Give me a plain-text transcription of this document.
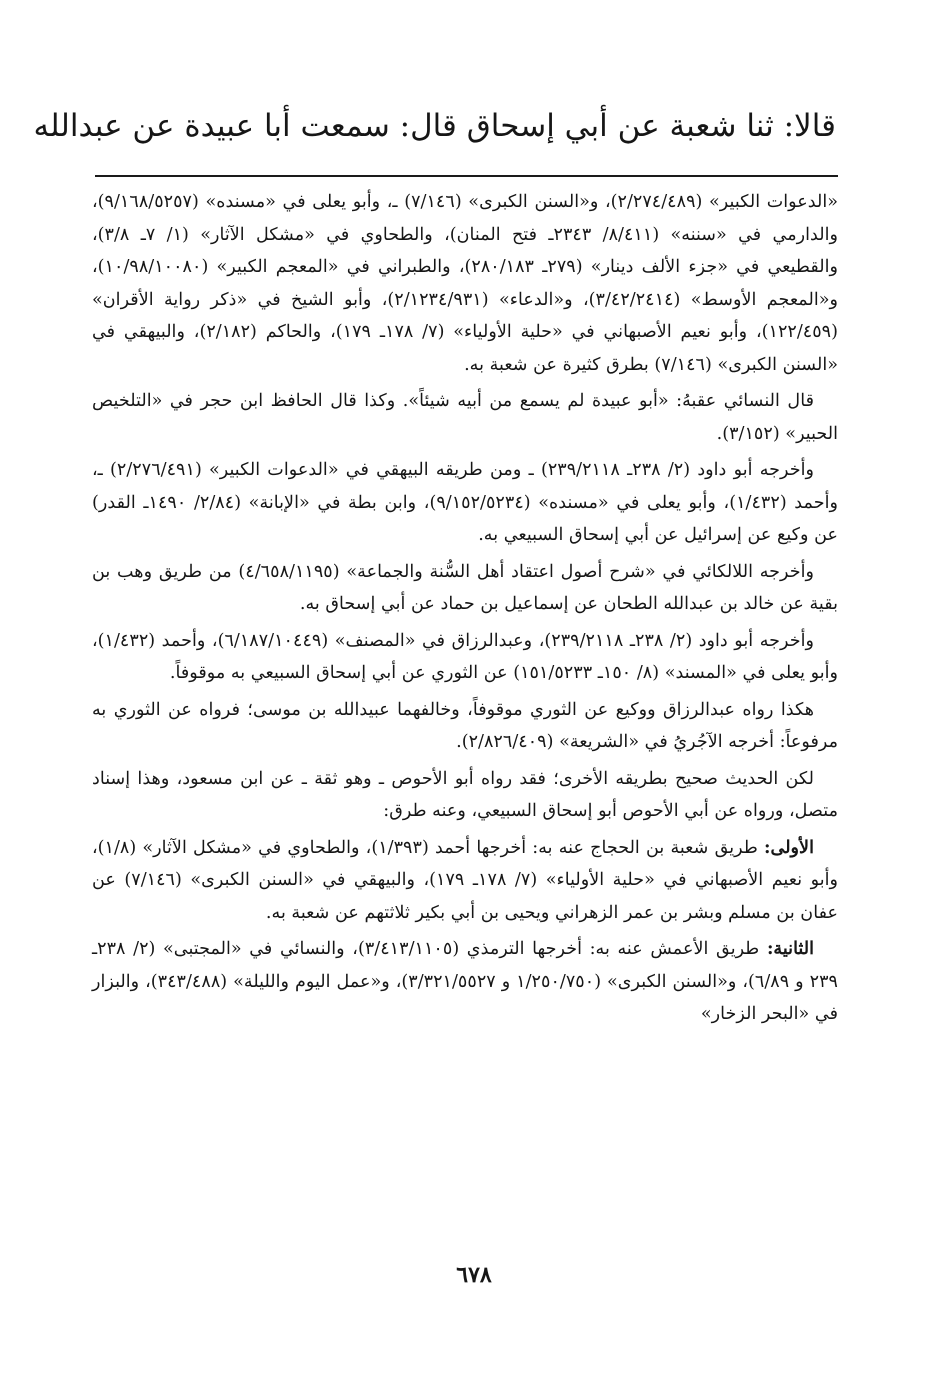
قالا: ثنا شعبة عن أبي إسحاق قال: سمعت أبا عبيدة عن عبدالله

«الدعوات الكبير» (٢/٢٧٤/٤٨٩)، و«السنن الكبرى» (٧/١٤٦) ـ، وأبو يعلى في «مسنده» (٩/١٦٨/٥٢٥٧)، والدارمي في «سننه» (٨/٤١١/ ٢٣٤٣ـ فتح المنان)، والطحاوي في «مشكل الآثار» (١/ ٧ـ ٣/٨)، والقطيعي في «جزء الألف دينار» (٢٧٩ـ ٢٨٠/١٨٣)، والطبراني في «المعجم الكبير» (١٠/٩٨/١٠٠٨٠)، و«المعجم الأوسط» (٣/٤٢/٢٤١٤)، و«الدعاء» (٢/١٢٣٤/٩٣١)، وأبو الشيخ في «ذكر رواية الأقران» (١٢٢/٤٥٩)، وأبو نعيم الأصبهاني في «حلية الأولياء» (٧/ ١٧٨ـ ١٧٩)، والحاكم (٢/١٨٢)، والبيهقي في «السنن الكبرى» (٧/١٤٦) بطرق كثيرة عن شعبة به.

قال النسائي عقبهُ: «أبو عبيدة لم يسمع من أبيه شيئاً». وكذا قال الحافظ ابن حجر في «التلخيص الحبير» (٣/١٥٢).

وأخرجه أبو داود (٢/ ٢٣٨ـ ٢٣٩/٢١١٨) ـ ومن طريقه البيهقي في «الدعوات الكبير» (٢/٢٧٦/٤٩١) ـ، وأحمد (١/٤٣٢)، وأبو يعلى في «مسنده» (٩/١٥٢/٥٢٣٤)، وابن بطة في «الإبانة» (٢/٨٤/ ١٤٩٠ـ القدر) عن وكيع عن إسرائيل عن أبي إسحاق السبيعي به.

وأخرجه اللالكائي في «شرح أصول اعتقاد أهل السُّنة والجماعة» (٤/٦٥٨/١١٩٥) من طريق وهب بن بقية عن خالد بن عبدالله الطحان عن إسماعيل بن حماد عن أبي إسحاق به.

وأخرجه أبو داود (٢/ ٢٣٨ـ ٢٣٩/٢١١٨)، وعبدالرزاق في «المصنف» (٦/١٨٧/١٠٤٤٩)، وأحمد (١/٤٣٢)، وأبو يعلى في «المسند» (٨/ ١٥٠ـ ١٥١/٥٢٣٣) عن الثوري عن أبي إسحاق السبيعي به موقوفاً.

هكذا رواه عبدالرزاق ووكيع عن الثوري موقوفاً، وخالفهما عبيدالله بن موسى؛ فرواه عن الثوري به مرفوعاً: أخرجه الآجُريُ في «الشريعة» (٢/٨٢٦/٤٠٩).

لكن الحديث صحيح بطريقه الأخرى؛ فقد رواه أبو الأحوص ـ وهو ثقة ـ عن ابن مسعود، وهذا إسناد متصل، ورواه عن أبي الأحوص أبو إسحاق السبيعي، وعنه طرق:

الأولى: طريق شعبة بن الحجاج عنه به: أخرجها أحمد (١/٣٩٣)، والطحاوي في «مشكل الآثار» (١/٨)، وأبو نعيم الأصبهاني في «حلية الأولياء» (٧/ ١٧٨ـ ١٧٩)، والبيهقي في «السنن الكبرى» (٧/١٤٦) عن عفان بن مسلم وبشر بن عمر الزهراني ويحيى بن أبي بكير ثلاثتهم عن شعبة به.

الثانية: طريق الأعمش عنه به: أخرجها الترمذي (٣/٤١٣/١١٠٥)، والنسائي في «المجتبى» (٢/ ٢٣٨ـ ٢٣٩ و ٦/٨٩)، و«السنن الكبرى» (١/٢٥٠/٧٥٠ و ٣/٣٢١/٥٥٢٧)، و«عمل اليوم والليلة» (٣٤٣/٤٨٨)، والبزار في «البحر الزخار»

٦٧٨
